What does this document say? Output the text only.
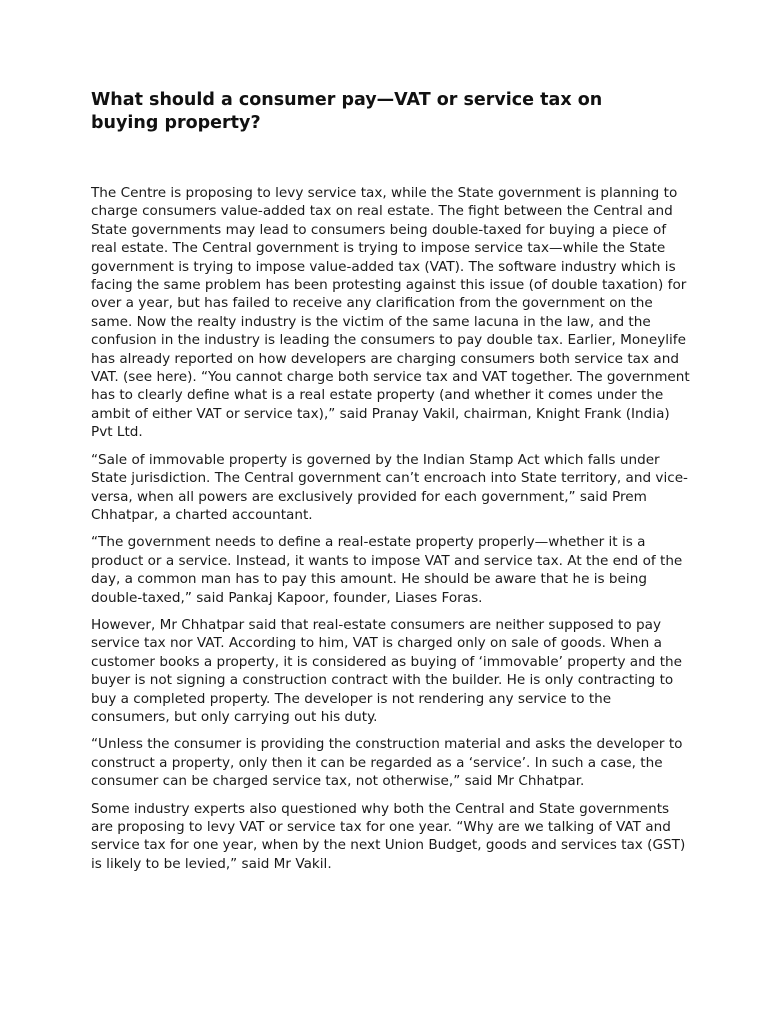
What should a consumer pay—VAT or service tax on buying property?

The Centre is proposing to levy service tax, while the State government is planning to charge consumers value-added tax on real estate. The fight between the Central and State governments may lead to consumers being double-taxed for buying a piece of real estate. The Central government is trying to impose service tax—while the State government is trying to impose value-added tax (VAT). The software industry which is facing the same problem has been protesting against this issue (of double taxation) for over a year, but has failed to receive any clarification from the government on the same. Now the realty industry is the victim of the same lacuna in the law, and the confusion in the industry is leading the consumers to pay double tax. Earlier, Moneylife has already reported on how developers are charging consumers both service tax and VAT. (see here). “You cannot charge both service tax and VAT together. The government has to clearly define what is a real estate property (and whether it comes under the ambit of either VAT or service tax),” said Pranay Vakil, chairman, Knight Frank (India) Pvt Ltd.

“Sale of immovable property is governed by the Indian Stamp Act which falls under State jurisdiction. The Central government can’t encroach into State territory, and vice-versa, when all powers are exclusively provided for each government,” said Prem Chhatpar, a charted accountant.

“The government needs to define a real-estate property properly—whether it is a product or a service. Instead, it wants to impose VAT and service tax. At the end of the day, a common man has to pay this amount. He should be aware that he is being double-taxed,” said Pankaj Kapoor, founder, Liases Foras.

However, Mr Chhatpar said that real-estate consumers are neither supposed to pay service tax nor VAT. According to him, VAT is charged only on sale of goods. When a customer books a property, it is considered as buying of ‘immovable’ property and the buyer is not signing a construction contract with the builder. He is only contracting to buy a completed property. The developer is not rendering any service to the consumers, but only carrying out his duty.

“Unless the consumer is providing the construction material and asks the developer to construct a property, only then it can be regarded as a ‘service’. In such a case, the consumer can be charged service tax, not otherwise,” said Mr Chhatpar.

Some industry experts also questioned why both the Central and State governments are proposing to levy VAT or service tax for one year. “Why are we talking of VAT and service tax for one year, when by the next Union Budget, goods and services tax (GST) is likely to be levied,” said Mr Vakil.
